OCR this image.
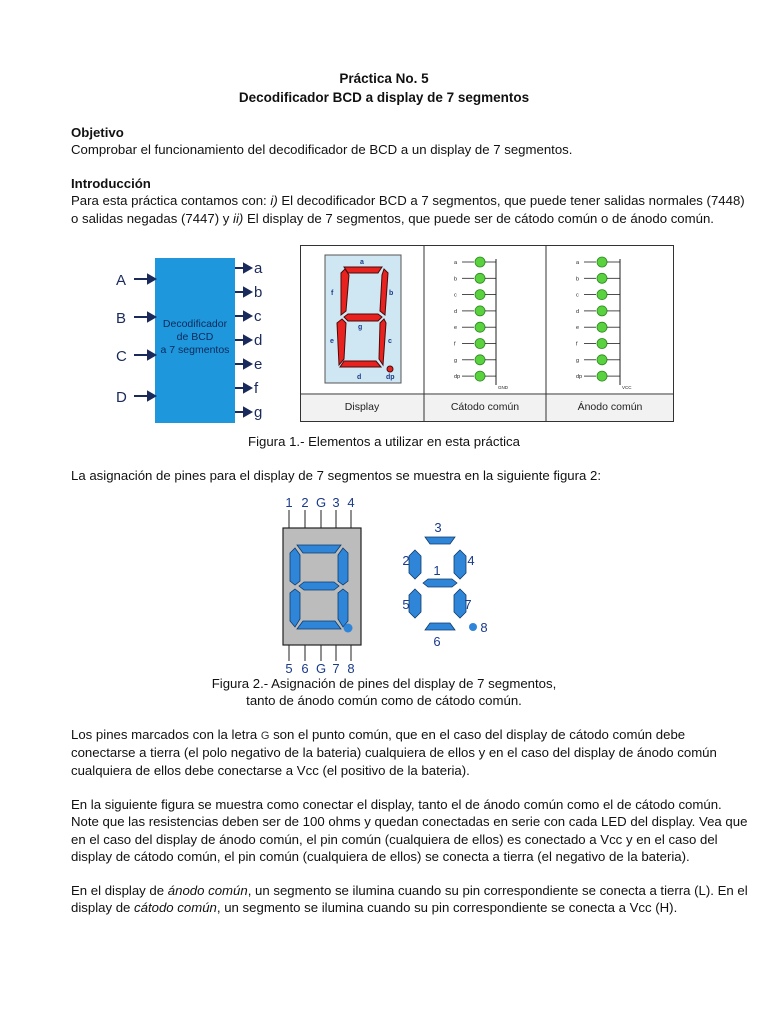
Práctica No. 5
Decodificador BCD a display de 7 segmentos
Objetivo
Comprobar el funcionamiento del decodificador de BCD a un display de 7 segmentos.
Introducción
Para esta práctica contamos con: i) El decodificador BCD a 7 segmentos, que puede tener salidas normales (7448)
o salidas negadas (7447) y ii) El display de 7 segmentos, que puede ser de cátodo común o de ánodo común.
Decodificador
de BCD
a 7 segmentos
A
B
C
D
a
b
c
d
e
f
g
a
b
c
d
e
f
g
dp
a
b
c
d
e
f
g
dp
GND
a
b
c
d
e
f
g
dp
VCC
Display	Cátodo común	Ánodo común
Figura 1.- Elementos a utilizar en esta práctica
La asignación de pines para el display de 7 segmentos se muestra en la siguiente figura 2:
1 2 G 3 4
5 6 G 7 8
3
2	4
1
5	7
6
8
Figura 2.- Asignación de pines del display de 7 segmentos,
tanto de ánodo común como de cátodo común.
Los pines marcados con la letra G son el punto común, que en el caso del display de cátodo común debe
conectarse a tierra (el polo negativo de la bateria) cualquiera de ellos y en el caso del display de ánodo común
cualquiera de ellos debe conectarse a Vcc (el positivo de la bateria).
En la siguiente figura se muestra como conectar el display, tanto el de ánodo común como el de cátodo común.
Note que las resistencias deben ser de 100 ohms y quedan conectadas en serie con cada LED del display. Vea que
en el caso del display de ánodo común, el pin común (cualquiera de ellos) es conectado a Vcc y en el caso del
display de cátodo común, el pin común (cualquiera de ellos) se conecta a tierra (el negativo de la bateria).
En el display de ánodo común, un segmento se ilumina cuando su pin correspondiente se conecta a tierra (L). En el
display de cátodo común, un segmento se ilumina cuando su pin correspondiente se conecta a Vcc (H).
